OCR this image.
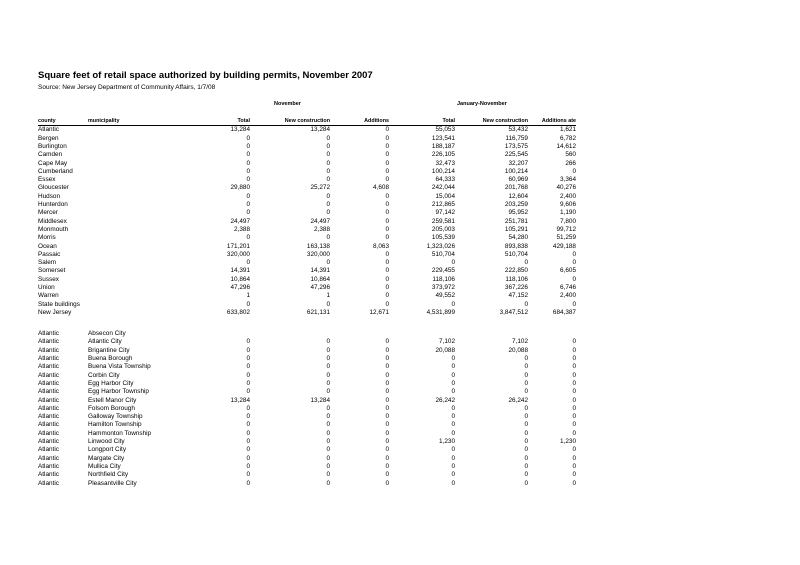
Square feet of retail space authorized by building permits, November 2007
Source: New Jersey Department of Community Affairs, 1/7/08
November	January-November
county	municipality	Total	New construction	Additions	Total	New construction	Additions ate
Atlantic		13,284	13,284	0	55,053	53,432	1,621
Bergen		0	0	0	123,541	116,759	6,782
Burlington		0	0	0	188,187	173,575	14,612
Camden		0	0	0	226,105	225,545	560
Cape May		0	0	0	32,473	32,207	266
Cumberland		0	0	0	100,214	100,214	0
Essex		0	0	0	64,333	60,969	3,364
Gloucester		29,880	25,272	4,608	242,044	201,768	40,276
Hudson		0	0	0	15,004	12,604	2,400
Hunterdon		0	0	0	212,865	203,259	9,606
Mercer		0	0	0	97,142	95,952	1,190
Middlesex		24,497	24,497	0	259,581	251,781	7,800
Monmouth		2,388	2,388	0	205,003	105,291	99,712
Morris		0	0	0	105,539	54,280	51,259
Ocean		171,201	163,138	8,063	1,323,026	893,838	429,188
Passaic		320,000	320,000	0	510,704	510,704	0
Salem		0	0	0	0	0	0
Somerset		14,391	14,391	0	229,455	222,850	6,605
Sussex		10,864	10,864	0	118,106	118,106	0
Union		47,296	47,296	0	373,972	367,226	6,746
Warren		1	1	0	49,552	47,152	2,400
State buildings		0	0	0	0	0	0
New Jersey		633,802	621,131	12,671	4,531,899	3,847,512	684,387

Atlantic	Absecon City						
Atlantic	Atlantic City	0	0	0	7,102	7,102	0
Atlantic	Brigantine City	0	0	0	20,088	20,088	0
Atlantic	Buena Borough	0	0	0	0	0	0
Atlantic	Buena Vista Township	0	0	0	0	0	0
Atlantic	Corbin City	0	0	0	0	0	0
Atlantic	Egg Harbor City	0	0	0	0	0	0
Atlantic	Egg Harbor Township	0	0	0	0	0	0
Atlantic	Estell Manor City	13,284	13,284	0	26,242	26,242	0
Atlantic	Folsom Borough	0	0	0	0	0	0
Atlantic	Galloway Township	0	0	0	0	0	0
Atlantic	Hamilton Township	0	0	0	0	0	0
Atlantic	Hammonton Township	0	0	0	0	0	0
Atlantic	Linwood City	0	0	0	1,230	0	1,230
Atlantic	Longport City	0	0	0	0	0	0
Atlantic	Margate City	0	0	0	0	0	0
Atlantic	Mullica City	0	0	0	0	0	0
Atlantic	Northfield City	0	0	0	0	0	0
Atlantic	Pleasantville City	0	0	0	0	0	0
